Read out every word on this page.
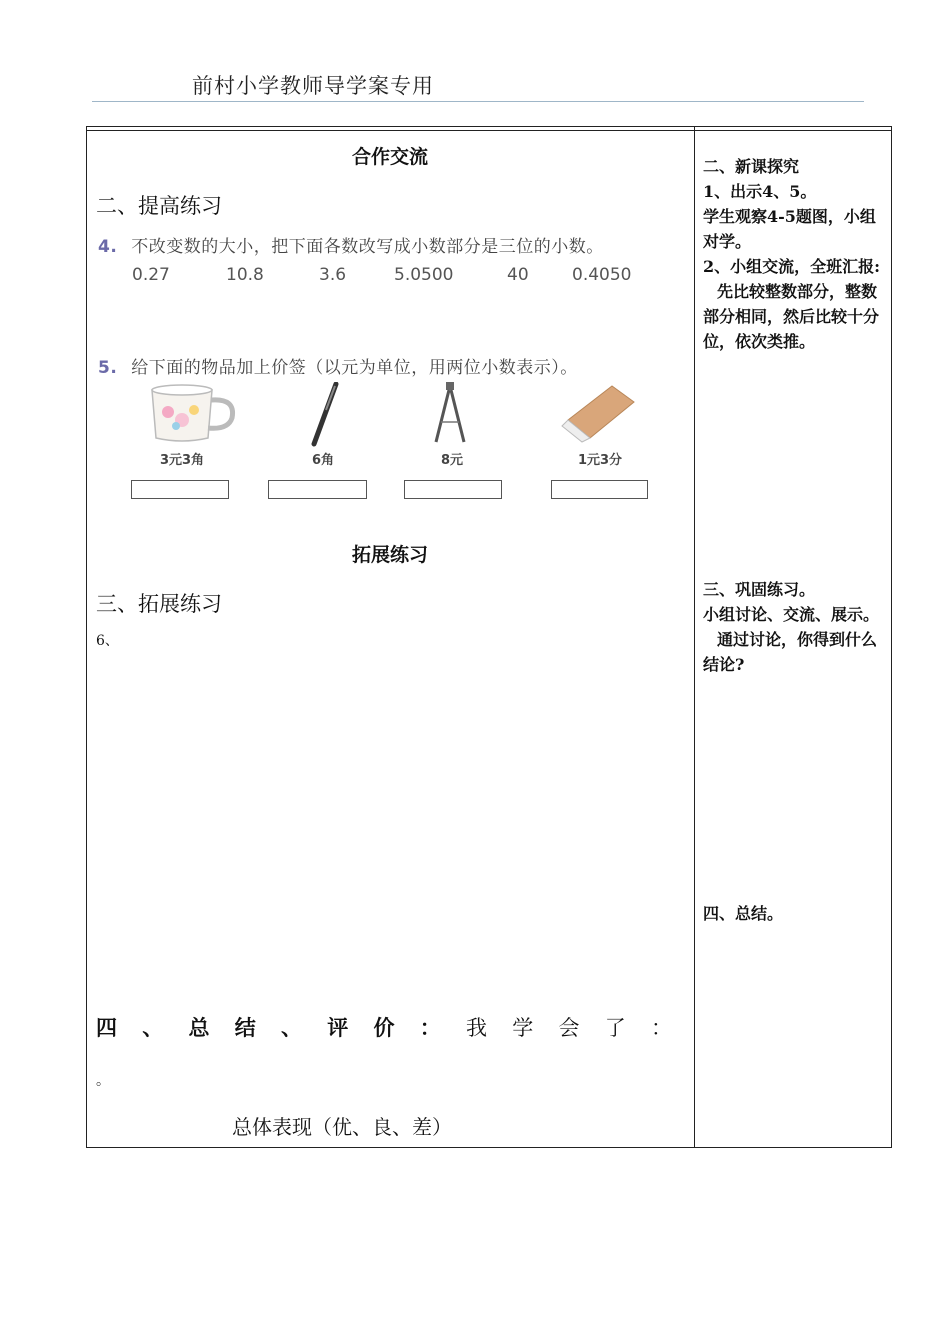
前村小学教师导学案专用
合作交流
二、提高练习
4. 不改变数的大小，把下面各数改写成小数部分是三位的小数。
0.27	10.8	3.6	5.0500	40	0.4050
5. 给下面的物品加上价签（以元为单位，用两位小数表示）。
3元3角	6角	8元	1元3分
拓展练习
三、拓展练习
6、
四 、 总 结 、 评 价 ： 我 学 会 了 ：
。
总体表现（优、良、差）

二、新课探究

1、出示4、5。

学生观察4-5题图，小组对学。

2、小组交流，全班汇报:

先比较整数部分，整数部分相同，然后比较十分位，依次类推。

三、巩固练习。

小组讨论、交流、展示。

通过讨论，你得到什么结论?

四、总结。
